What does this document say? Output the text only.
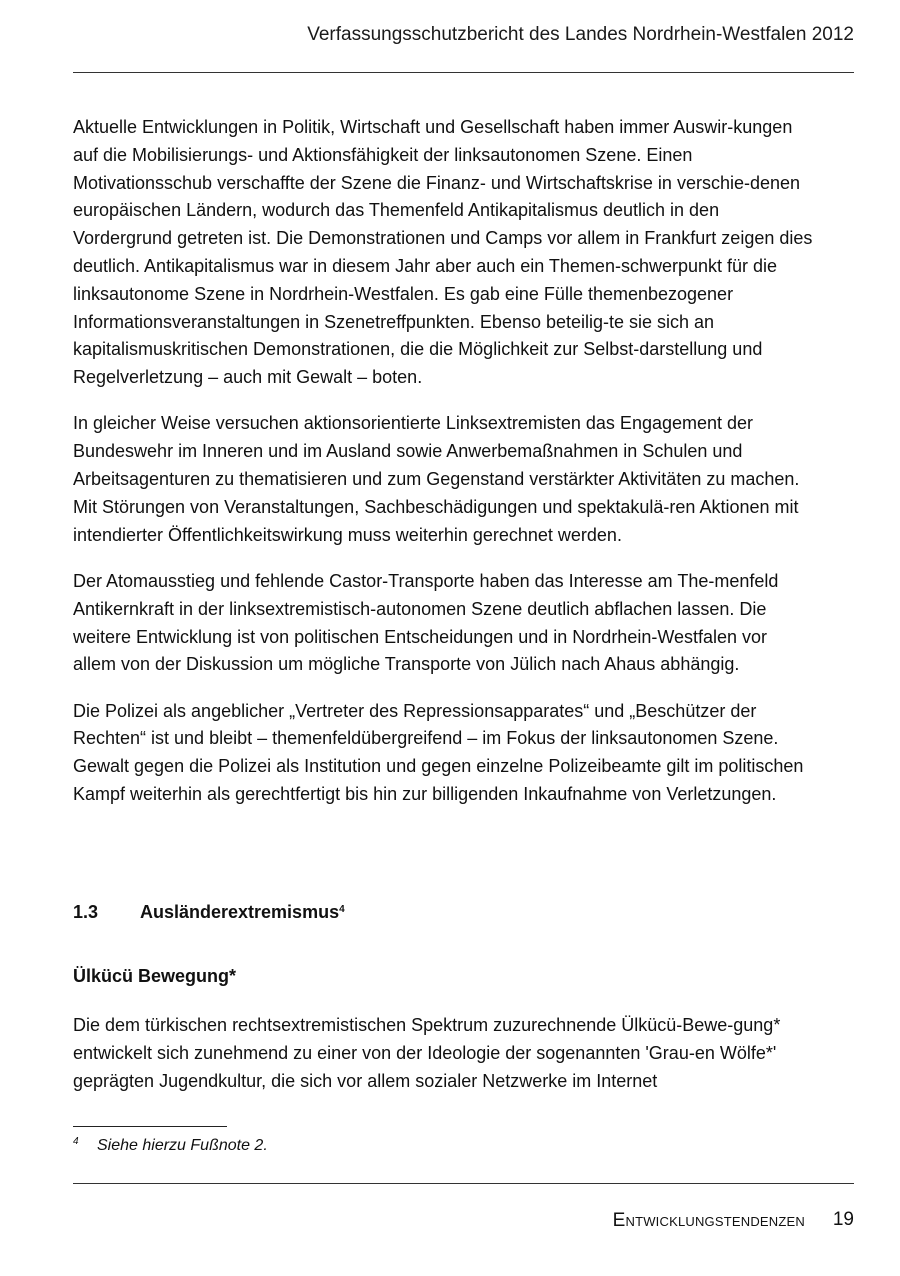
Verfassungsschutzbericht des Landes Nordrhein-Westfalen 2012

Aktuelle Entwicklungen in Politik, Wirtschaft und Gesellschaft haben immer Auswir-kungen auf die Mobilisierungs- und Aktionsfähigkeit der linksautonomen Szene. Einen Motivationsschub verschaffte der Szene die Finanz- und Wirtschaftskrise in verschie-denen europäischen Ländern, wodurch das Themenfeld Antikapitalismus deutlich in den Vordergrund getreten ist. Die Demonstrationen und Camps vor allem in Frankfurt zeigen dies deutlich. Antikapitalismus war in diesem Jahr aber auch ein Themen-schwerpunkt für die linksautonome Szene in Nordrhein-Westfalen. Es gab eine Fülle themenbezogener Informationsveranstaltungen in Szenetreffpunkten. Ebenso beteilig-te sie sich an kapitalismuskritischen Demonstrationen, die die Möglichkeit zur Selbst-darstellung und Regelverletzung – auch mit Gewalt – boten.

In gleicher Weise versuchen aktionsorientierte Linksextremisten das Engagement der Bundeswehr im Inneren und im Ausland sowie Anwerbemaßnahmen in Schulen und Arbeitsagenturen zu thematisieren und zum Gegenstand verstärkter Aktivitäten zu machen. Mit Störungen von Veranstaltungen, Sachbeschädigungen und spektakulä-ren Aktionen mit intendierter Öffentlichkeitswirkung muss weiterhin gerechnet werden.

Der Atomausstieg und fehlende Castor-Transporte haben das Interesse am The-menfeld Antikernkraft in der linksextremistisch-autonomen Szene deutlich abflachen lassen. Die weitere Entwicklung ist von politischen Entscheidungen und in Nordrhein-Westfalen vor allem von der Diskussion um mögliche Transporte von Jülich nach Ahaus abhängig.

Die Polizei als angeblicher „Vertreter des Repressionsapparates“ und „Beschützer der Rechten“ ist und bleibt – themenfeldübergreifend – im Fokus der linksautonomen Szene. Gewalt gegen die Polizei als Institution und gegen einzelne Polizeibeamte gilt im politischen Kampf weiterhin als gerechtfertigt bis hin zur billigenden Inkaufnahme von Verletzungen.

1.3 Ausländerextremismus$^4$
Ülkücü Bewegung*

Die dem türkischen rechtsextremistischen Spektrum zuzurechnende Ülkücü-Bewe-gung* entwickelt sich zunehmend zu einer von der Ideologie der sogenannten 'Grau-en Wölfe*' geprägten Jugendkultur, die sich vor allem sozialer Netzwerke im Internet

4 Siehe hierzu Fußnote 2.
Entwicklungstendenzen 19
